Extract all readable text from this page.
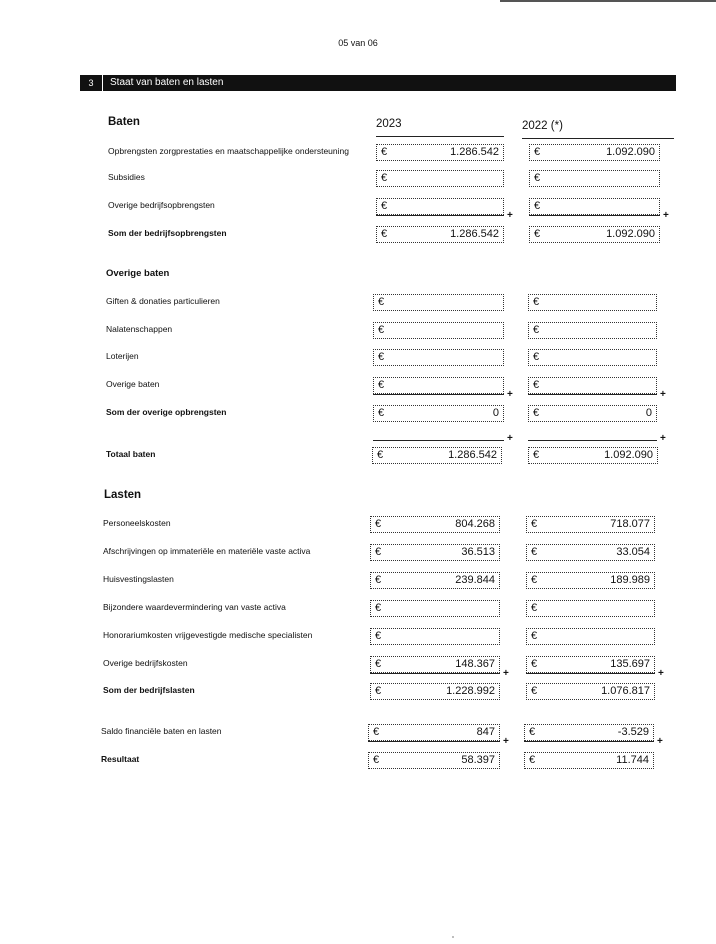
05 van 06
3	Staat van baten en lasten
Baten	2023	2022 (*)
Opbrengsten zorgprestaties en maatschappelijke ondersteuning	€	1.286.542	€	1.092.090
Subsidies	€	€
Overige bedrijfsopbrengsten	€	€
+	+
Som der bedrijfsopbrengsten	€	1.286.542	€	1.092.090
Giften & donaties particulieren	€	€
Nalatenschappen	€	€
Loterijen	€	€
Overige baten	€	€
+	+
Som der overige opbrengsten	€	0	€	0
+	+
Totaal baten	€	1.286.542	€	1.092.090
Personeelskosten	€	804.268	€	718.077
Afschrijvingen op immateriële en materiële vaste activa	€	36.513	€	33.054
Huisvestingslasten	€	239.844	€	189.989
Bijzondere waardevermindering van vaste activa	€	€
Honorariumkosten vrijgevestigde medische specialisten	€	€
Overige bedrijfskosten	€	148.367	€	135.697
+	+
Som der bedrijfslasten	€	1.228.992	€	1.076.817
Saldo financiële baten en lasten	€	847	€	-3.529
+	+
Resultaat	€	58.397	€	11.744
Overige baten
Lasten
